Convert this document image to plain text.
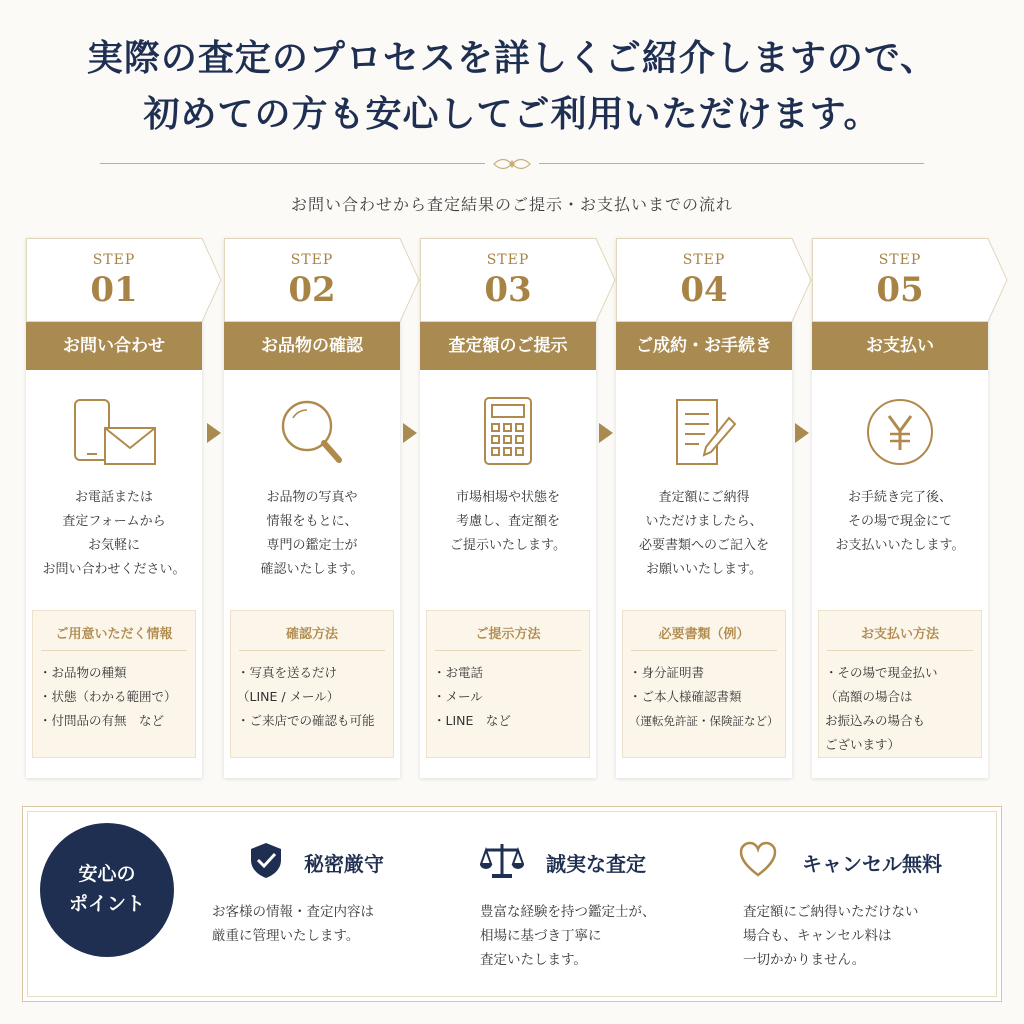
実際の査定のプロセスを詳しくご紹介しますので、
初めての方も安心してご利用いただけます。
お問い合わせから査定結果のご提示・お支払いまでの流れ
STEP
01
お問い合わせ
お電話または
査定フォームから
お気軽に
お問い合わせください。
ご用意いただく情報
・お品物の種類
・状態（わかる範囲で）
・付問品の有無　など
STEP
02
お品物の確認
お品物の写真や
情報をもとに、
専門の鑑定士が
確認いたします。
確認方法
・写真を送るだけ
（LINE / メール）
・ご来店での確認も可能
STEP
03
査定額のご提示
市場相場や状態を
考慮し、査定額を
ご提示いたします。
ご提示方法
・お電話
・メール
・LINE　など
STEP
04
ご成約・お手続き
査定額にご納得
いただけましたら、
必要書類へのご記入を
お願いいたします。
必要書類（例）
・身分証明書
・ご本人様確認書類
（運転免許証・保険証など）
STEP
05
お支払い
お手続き完了後、
その場で現金にて
お支払いいたします。
お支払い方法
・その場で現金払い
（高額の場合は
お振込みの場合も
ございます）
安心の
ポイント
秘密厳守
お客様の情報・査定内容は
厳重に管理いたします。
誠実な査定
豊富な経験を持つ鑑定士が、
相場に基づき丁寧に
査定いたします。
キャンセル無料
査定額にご納得いただけない
場合も、キャンセル料は
一切かかりません。
